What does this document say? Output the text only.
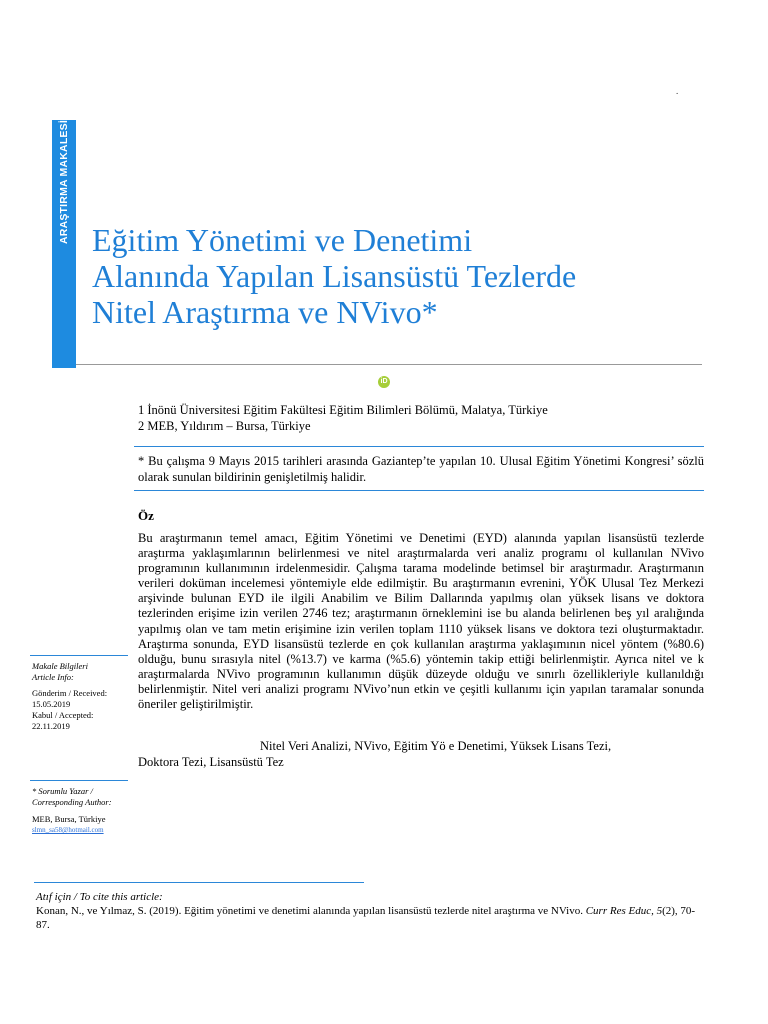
.
ARAŞTIRMA MAKALESİ Eğitim Yönetimi ve Denetimi
Alanında Yapılan Lisansüstü Tezlerde
Nitel Araştırma ve NVivo*
iD
1 İnönü Üniversitesi Eğitim Fakültesi Eğitim Bilimleri Bölümü, Malatya, Türkiye
2 MEB, Yıldırım – Bursa, Türkiye
* Bu çalışma 9 Mayıs 2015 tarihleri arasında Gaziantep’te yapılan 10. Ulusal Eğitim Yönetimi Kongresi’ sözlü olarak sunulan bildirinin genişletilmiş halidir.
Öz
Bu araştırmanın temel amacı, Eğitim Yönetimi ve Denetimi (EYD) alanında yapılan lisansüstü tezlerde araştırma yaklaşımlarının belirlenmesi ve nitel araştırmalarda veri analiz programı ol kullanılan NVivo programının kullanımının irdelenmesidir. Çalışma tarama modelinde betimsel bir araştırmadır. Araştırmanın verileri doküman incelemesi yöntemiyle elde edilmiştir. Bu araştırmanın evrenini, YÖK Ulusal Tez Merkezi arşivinde bulunan EYD ile ilgili Anabilim ve Bilim Dallarında yapılmış olan yüksek lisans ve doktora tezlerinden erişime izin verilen 2746 tez; araştırmanın örneklemini ise bu alanda belirlenen beş yıl aralığında yapılmış olan ve tam metin erişimine izin verilen toplam 1110 yüksek lisans ve doktora tezi oluşturmaktadır. Araştırma sonunda, EYD lisansüstü tezlerde en çok kullanılan araştırma yaklaşımının nicel yöntem (%80.6) olduğu, bunu sırasıyla nitel (%13.7) ve karma (%5.6) yöntemin takip ettiği belirlenmiştir. Ayrıca nitel ve k araştırmalarda NVivo programının kullanımın düşük düzeyde olduğu ve sınırlı özellikleriyle kullanıldığı belirlenmiştir. Nitel veri analizi programı NVivo’nun etkin ve çeşitli kullanımı için yapılan taramalar sonunda öneriler geliştirilmiştir.
Nitel Veri Analizi, NVivo, Eğitim Yö e Denetimi, Yüksek Lisans Tezi,
Doktora Tezi, Lisansüstü Tez
Makale Bilgileri
Article Info:
Gönderim / Received:
15.05.2019
Kabul / Accepted:
22.11.2019
* Sorumlu Yazar /
Corresponding Author:
MEB, Bursa, Türkiye
slmn_sa58@hotmail.com
Atıf için / To cite this article:
Konan, N., ve Yılmaz, S. (2019). Eğitim yönetimi ve denetimi alanında yapılan lisansüstü tezlerde nitel araştırma ve NVivo. Curr Res Educ, 5(2), 70-87.
